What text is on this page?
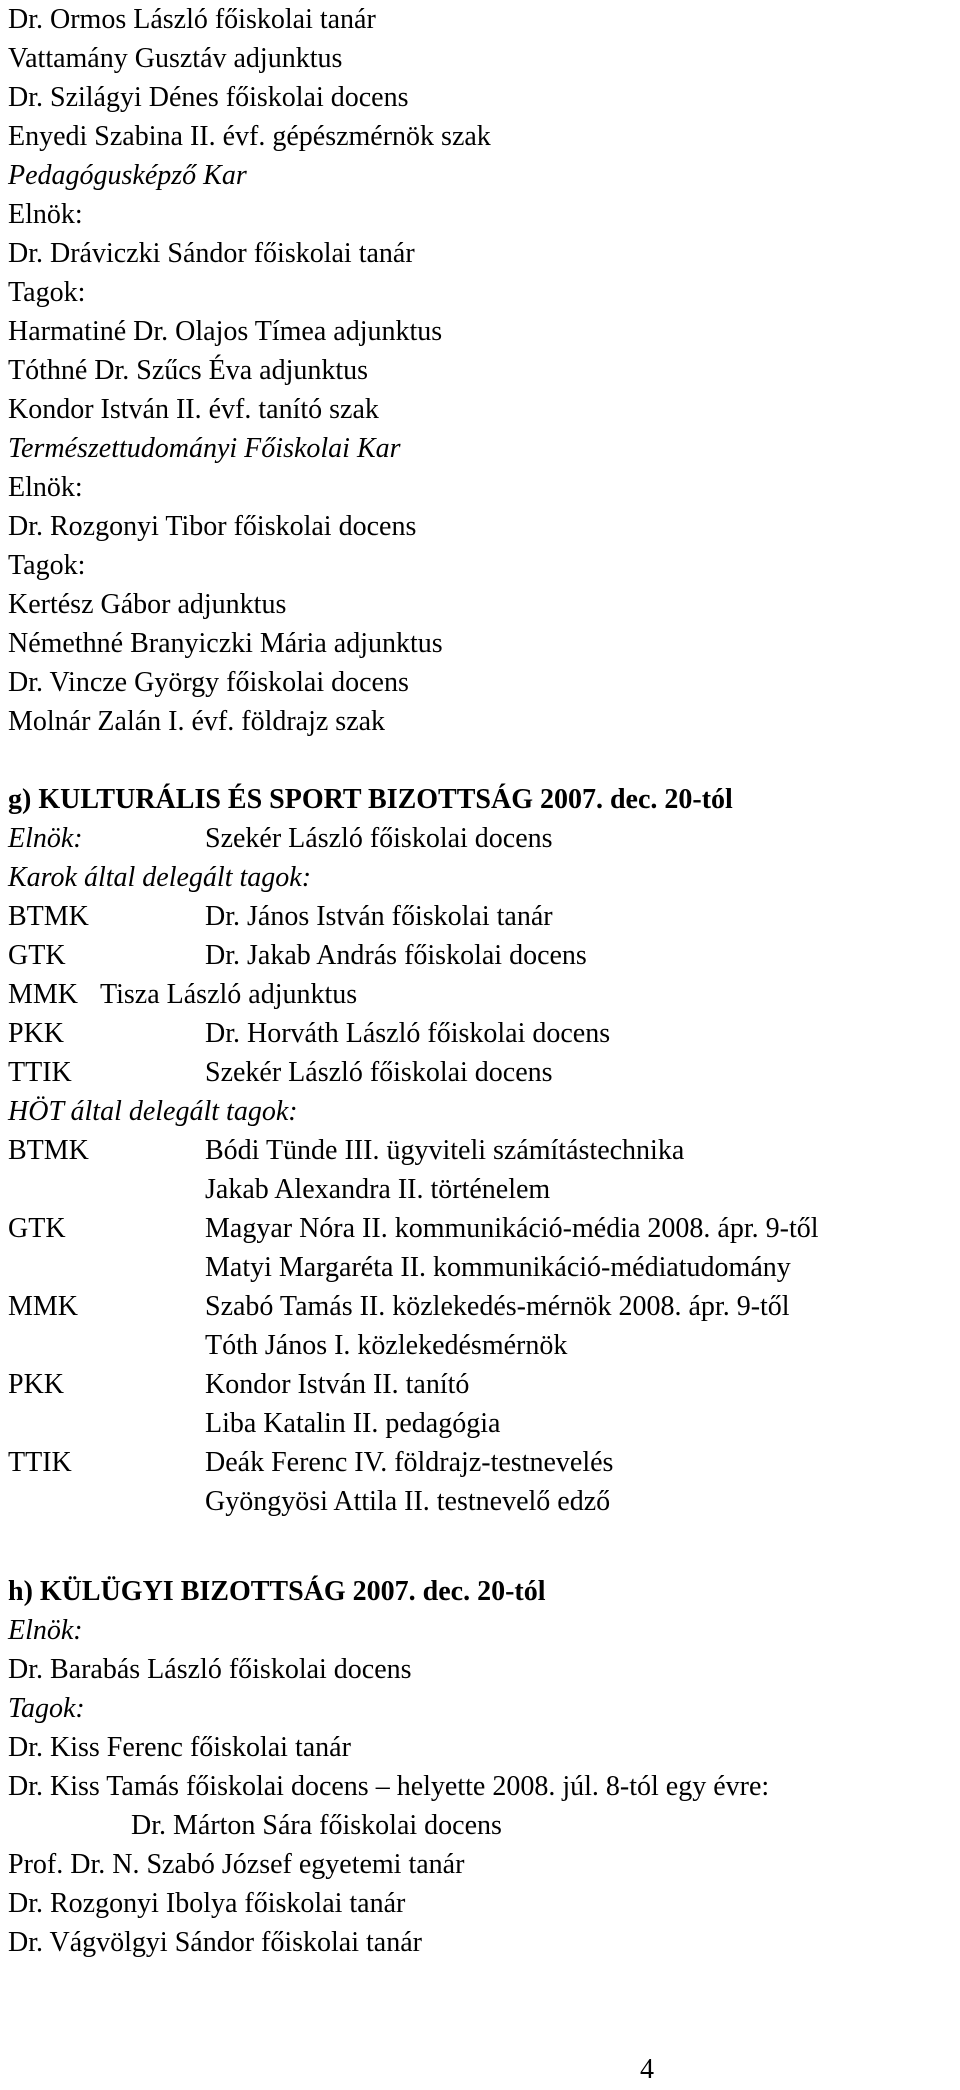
Dr. Ormos László főiskolai tanár
Vattamány Gusztáv adjunktus
Dr. Szilágyi Dénes főiskolai docens
Enyedi Szabina II. évf. gépészmérnök szak
Pedagógusképző Kar
Elnök:
Dr. Dráviczki Sándor főiskolai tanár
Tagok:
Harmatiné Dr. Olajos Tímea adjunktus
Tóthné Dr. Szűcs Éva adjunktus
Kondor István II. évf. tanító szak
Természettudományi Főiskolai Kar
Elnök:
Dr. Rozgonyi Tibor főiskolai docens
Tagok:
Kertész Gábor adjunktus
Némethné Branyiczki Mária adjunktus
Dr. Vincze György főiskolai docens
Molnár Zalán I. évf. földrajz szak
g) KULTURÁLIS ÉS SPORT BIZOTTSÁG 2007. dec. 20-tól
Elnök:	Szekér László főiskolai docens
Karok által delegált tagok:
BTMK	Dr. János István főiskolai tanár
GTK	Dr. Jakab András főiskolai docens
MMK Tisza László adjunktus
PKK	Dr. Horváth László főiskolai docens
TTIK	Szekér László főiskolai docens
HÖT által delegált tagok:
BTMK	Bódi Tünde III. ügyviteli számítástechnika
Jakab Alexandra II. történelem
GTK	Magyar Nóra II. kommunikáció-média 2008. ápr. 9-től
Matyi Margaréta II. kommunikáció-médiatudomány
MMK	Szabó Tamás II. közlekedés-mérnök 2008. ápr. 9-től
Tóth János I. közlekedésmérnök
PKK	Kondor István II. tanító
Liba Katalin II. pedagógia
TTIK	Deák Ferenc IV. földrajz-testnevelés
Gyöngyösi Attila II. testnevelő edző
h) KÜLÜGYI BIZOTTSÁG 2007. dec. 20-tól
Elnök:
Dr. Barabás László főiskolai docens
Tagok:
Dr. Kiss Ferenc főiskolai tanár
Dr. Kiss Tamás főiskolai docens – helyette 2008. júl. 8-tól egy évre:
Dr. Márton Sára főiskolai docens
Prof. Dr. N. Szabó József egyetemi tanár
Dr. Rozgonyi Ibolya főiskolai tanár
Dr. Vágvölgyi Sándor főiskolai tanár
4
